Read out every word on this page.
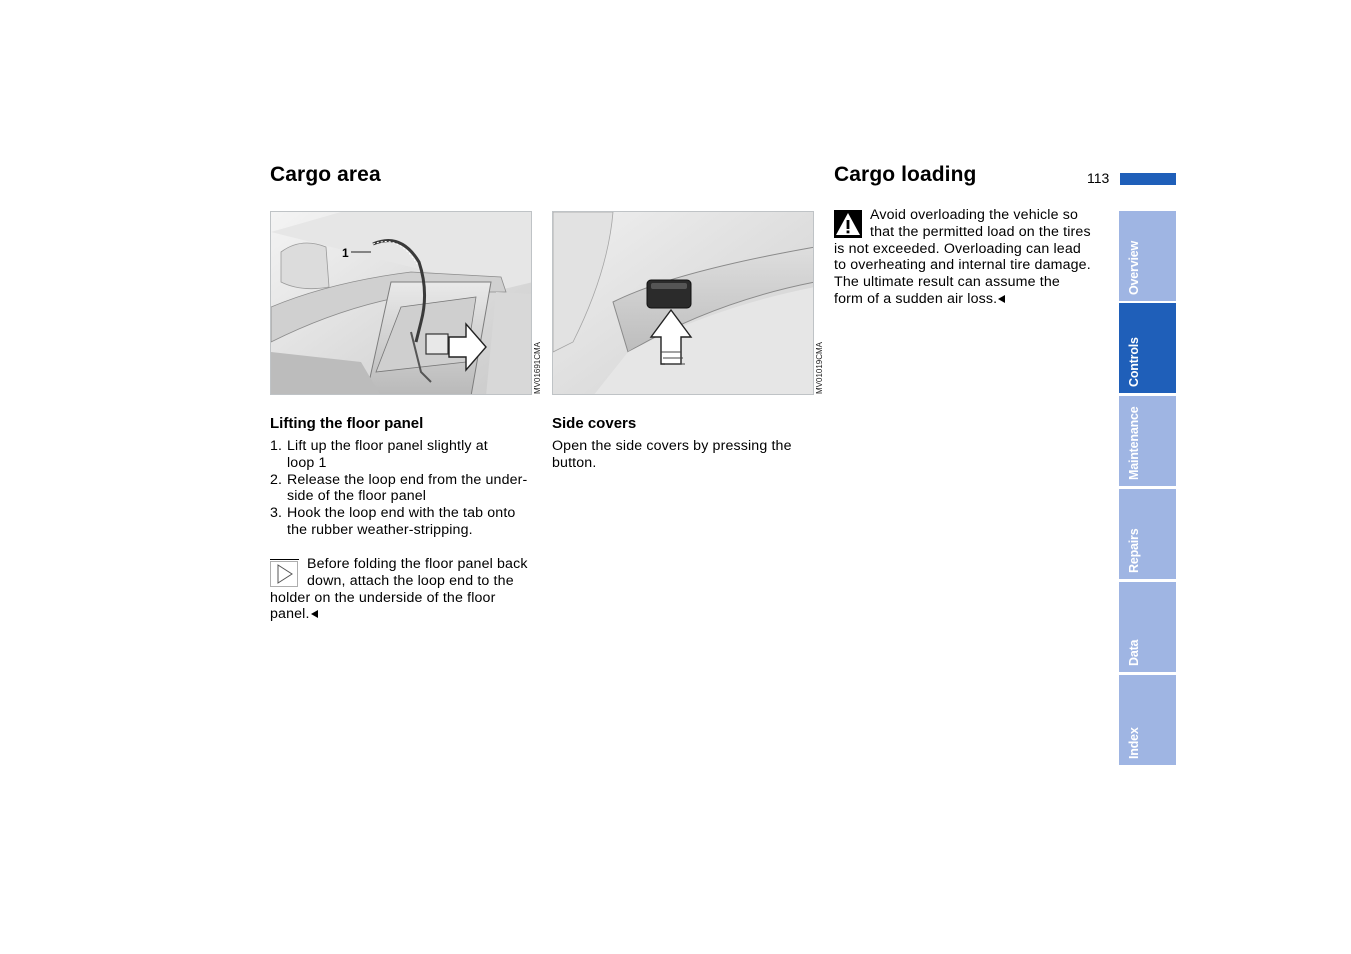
Cargo area	Cargo loading	113
1
MV01691CMA	MV01019CMA
Lifting the floor panel
1. Lift up the floor panel slightly at
loop 1
2. Release the loop end from the under-
side of the floor panel
3. Hook the loop end with the tab onto
the rubber weather-stripping.
Before folding the floor panel back
down, attach the loop end to the
holder on the underside of the floor
panel.
Side covers
Open the side covers by pressing the
button.
Avoid overloading the vehicle so
that the permitted load on the tires
is not exceeded. Overloading can lead
to overheating and internal tire damage.
The ultimate result can assume the
form of a sudden air loss.
Overview
Controls
Maintenance
Repairs
Data
Index
